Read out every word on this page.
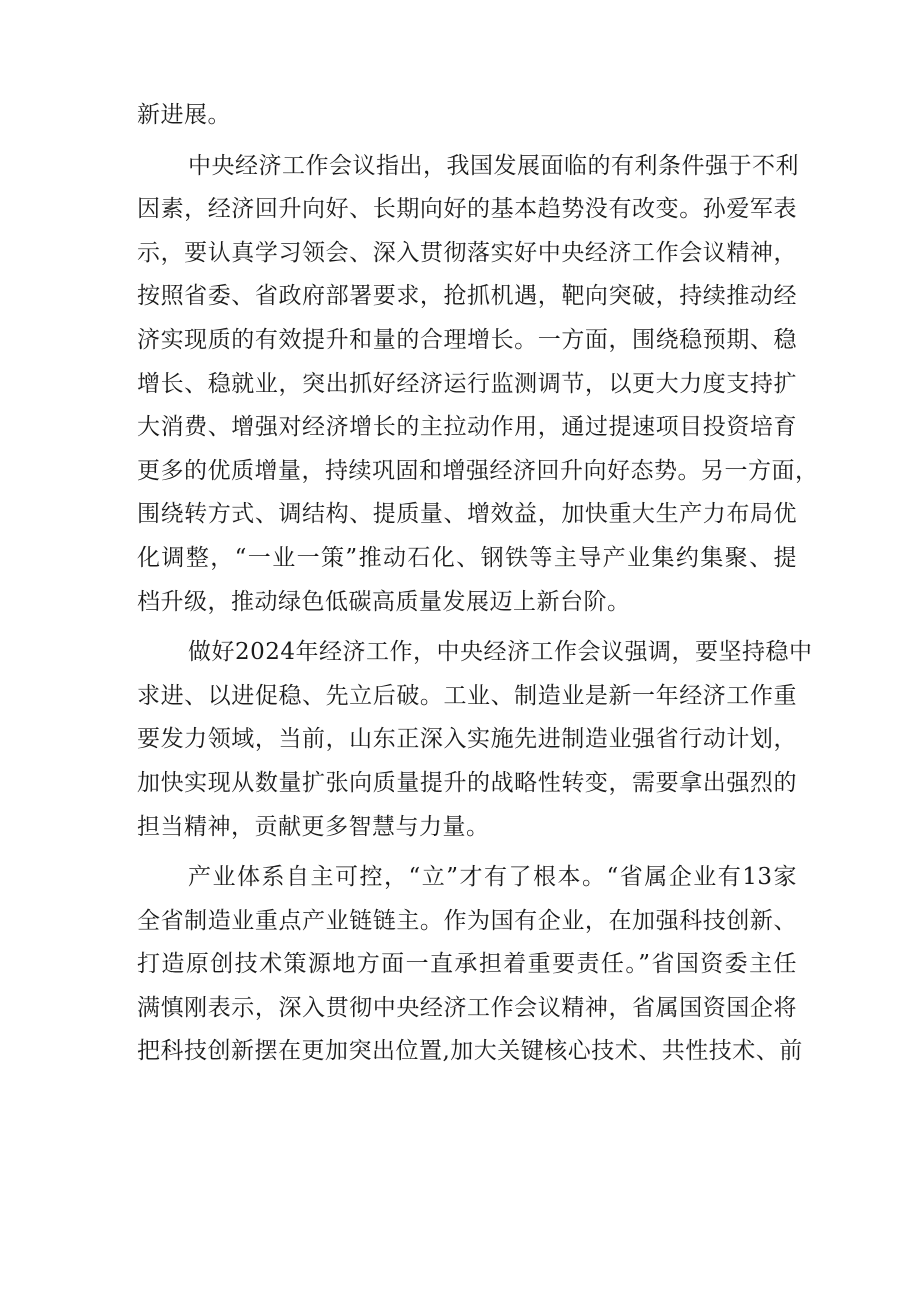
新进展。
中央经济工作会议指出，我国发展面临的有利条件强于不利
因素，经济回升向好、长期向好的基本趋势没有改变。孙爱军表
示，要认真学习领会、深入贯彻落实好中央经济工作会议精神，
按照省委、省政府部署要求，抢抓机遇，靶向突破，持续推动经
济实现质的有效提升和量的合理增长。一方面，围绕稳预期、稳
增长、稳就业，突出抓好经济运行监测调节，以更大力度支持扩
大消费、增强对经济增长的主拉动作用，通过提速项目投资培育
更多的优质增量，持续巩固和增强经济回升向好态势。另一方面，
围绕转方式、调结构、提质量、增效益，加快重大生产力布局优
化调整，“一业一策”推动石化、钢铁等主导产业集约集聚、提
档升级，推动绿色低碳高质量发展迈上新台阶。
做好2024年经济工作，中央经济工作会议强调，要坚持稳中
求进、以进促稳、先立后破。工业、制造业是新一年经济工作重
要发力领域，当前，山东正深入实施先进制造业强省行动计划，
加快实现从数量扩张向质量提升的战略性转变，需要拿出强烈的
担当精神，贡献更多智慧与力量。
产业体系自主可控，“立”才有了根本。“省属企业有13家
全省制造业重点产业链链主。作为国有企业，在加强科技创新、
打造原创技术策源地方面一直承担着重要责任。”省国资委主任
满慎刚表示，深入贯彻中央经济工作会议精神，省属国资国企将
把科技创新摆在更加突出位置,加大关键核心技术、共性技术、前
